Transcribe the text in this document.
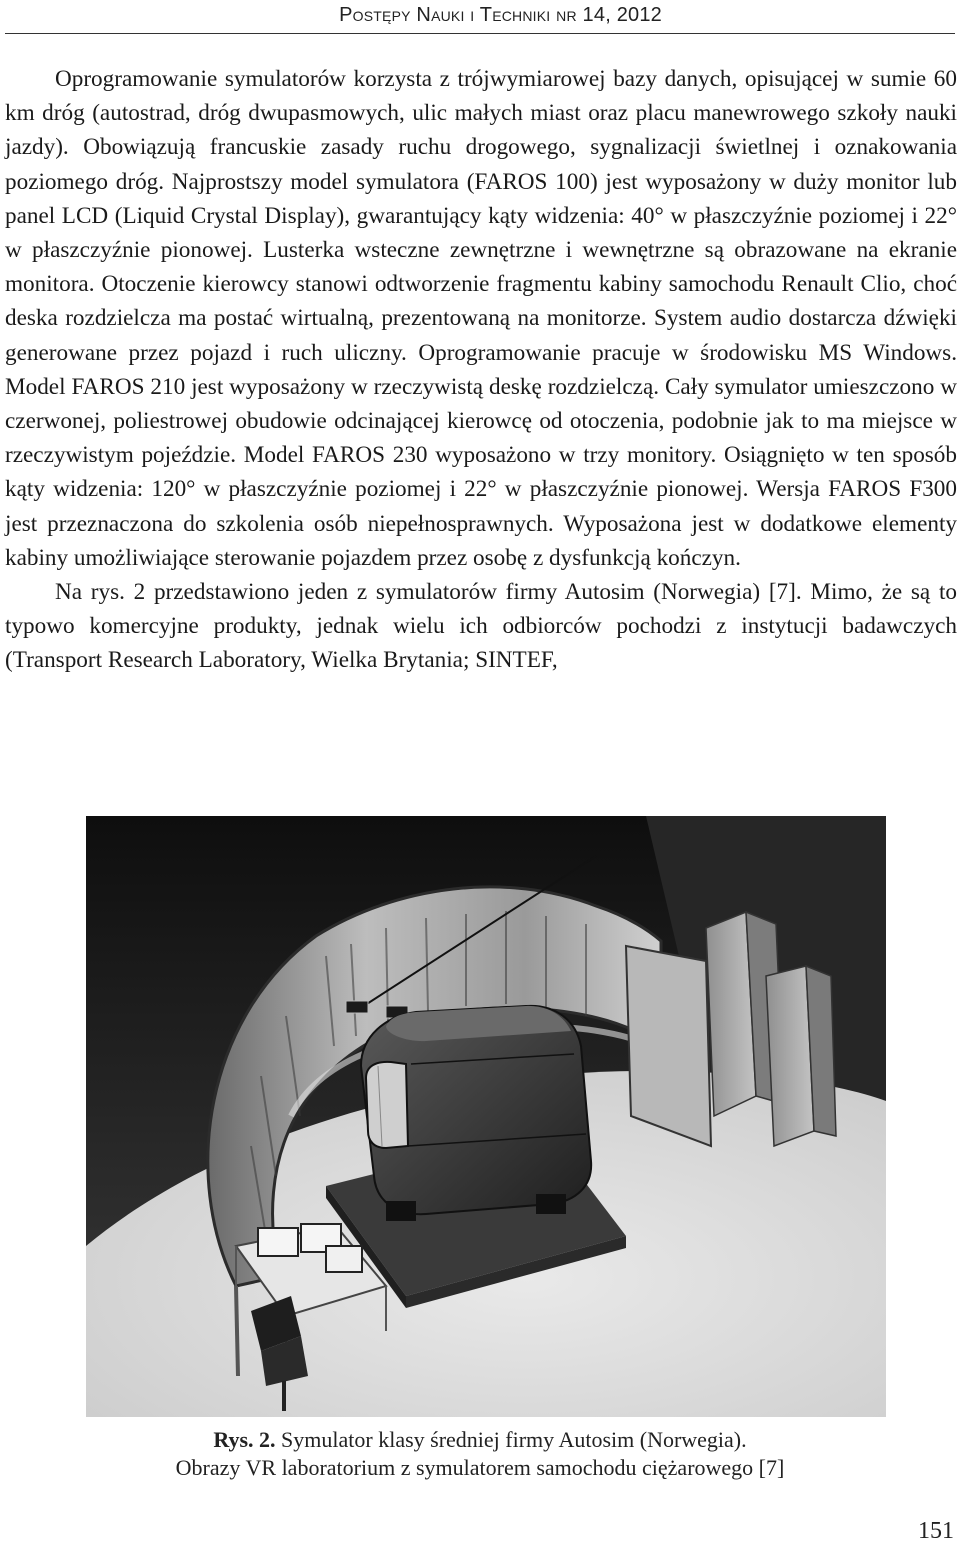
Postępy Nauki i Techniki nr 14, 2012

Oprogramowanie symulatorów korzysta z trójwymiarowej bazy danych, opisującej w sumie 60 km dróg (autostrad, dróg dwupasmowych, ulic małych miast oraz placu manewrowego szkoły nauki jazdy). Obowiązują francuskie zasady ruchu drogowego, sygnalizacji świetlnej i oznakowania poziomego dróg. Najprostszy model symulatora (FAROS 100) jest wyposażony w duży monitor lub panel LCD (Liquid Crystal Display), gwarantujący kąty widzenia: 40° w płaszczyźnie poziomej i 22° w płaszczyźnie pionowej. Lusterka wsteczne zewnętrzne i wewnętrzne są obrazowane na ekranie monitora. Otoczenie kierowcy stanowi odtworzenie fragmentu kabiny samochodu Renault Clio, choć deska rozdzielcza ma postać wirtualną, prezentowaną na monitorze. System audio dostarcza dźwięki generowane przez pojazd i ruch uliczny. Oprogramowanie pracuje w środowisku MS Windows. Model FAROS 210 jest wyposażony w rzeczywistą deskę rozdzielczą. Cały symulator umieszczono w czerwonej, poliestrowej obudowie odcinającej kierowcę od otoczenia, podobnie jak to ma miejsce w rzeczywistym pojeździe. Model FAROS 230 wyposażono w trzy monitory. Osiągnięto w ten sposób kąty widzenia: 120° w płaszczyźnie poziomej i 22° w płaszczyźnie pionowej. Wersja FAROS F300 jest przeznaczona do szkolenia osób niepełnosprawnych. Wyposażona jest w dodatkowe elementy kabiny umożliwiające sterowanie pojazdem przez osobę z dysfunkcją kończyn.

Na rys. 2 przedstawiono jeden z symulatorów firmy Autosim (Norwegia) [7]. Mimo, że są to typowo komercyjne produkty, jednak wielu ich odbiorców pochodzi z instytucji badawczych (Transport Research Laboratory, Wielka Brytania; SINTEF,

Rys. 2. Symulator klasy średniej firmy Autosim (Norwegia).
Obrazy VR laboratorium z symulatorem samochodu ciężarowego [7]
151
